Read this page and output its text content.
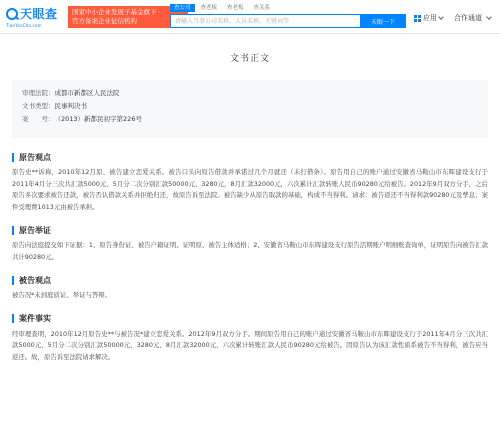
天眼查
TianYanCha.com
国家中小企业发展子基金旗下
官方备案企业征信机构
查公司	查老板 查老板 查关系
请输入当事公司名称、人员名称、关键词等
天眼一下	应用 合作通道
文书正文
审理法院：成都市新都区人民法院
文书类型：民事判决书
案　　号：（2013）新都民初字第226号
原告观点
原告史**诉称，2010年12月原、被告建立恋爱关系。被告口头向原告借款并承诺过几个月就还（未打借条）。原告用自己的账户通过安徽省马鞍山市东晖建设支行于2011年4月分三次共汇款5000元、5月分二次分别汇款50000元、3280元，8月汇款32000元，六次累计汇款转账人民币90280元给被告。2012年9月双方分手，之后原告多次要求被告还款，被告否认借款关系并拒绝归还，故原告诉至法院。被告缺少从原告取款的基础，构成不当得利。请求：被告返还不当得利款90280元及孳息；案件受理费1013元由被告承担。
原告举证
原告向法庭提交如下证据：1、原告身份证、被告户籍证明、证明原、被告主体适格；2、安徽省马鞍山市东晖建设支行原告活期账户明细账查询单，证明原告向被告汇款共计90280元。
被告观点
被告况*未到庭质证、举证与答辩。
案件事实
经审理查明，2010年12月原告史**与被告况*建立恋爱关系。2012年9月双方分手。期间原告用自己的账户通过安徽省马鞍山市东晖建设支行于2011年4月分三次共汇款5000元、5月分二次分别汇款50000元、3280元、8月汇款32000元、六次累计转账汇款人民币90280元给被告。因原告认为该汇款性质系被告不当得利，被告应当返还。故，原告诉至法院请求解决。
